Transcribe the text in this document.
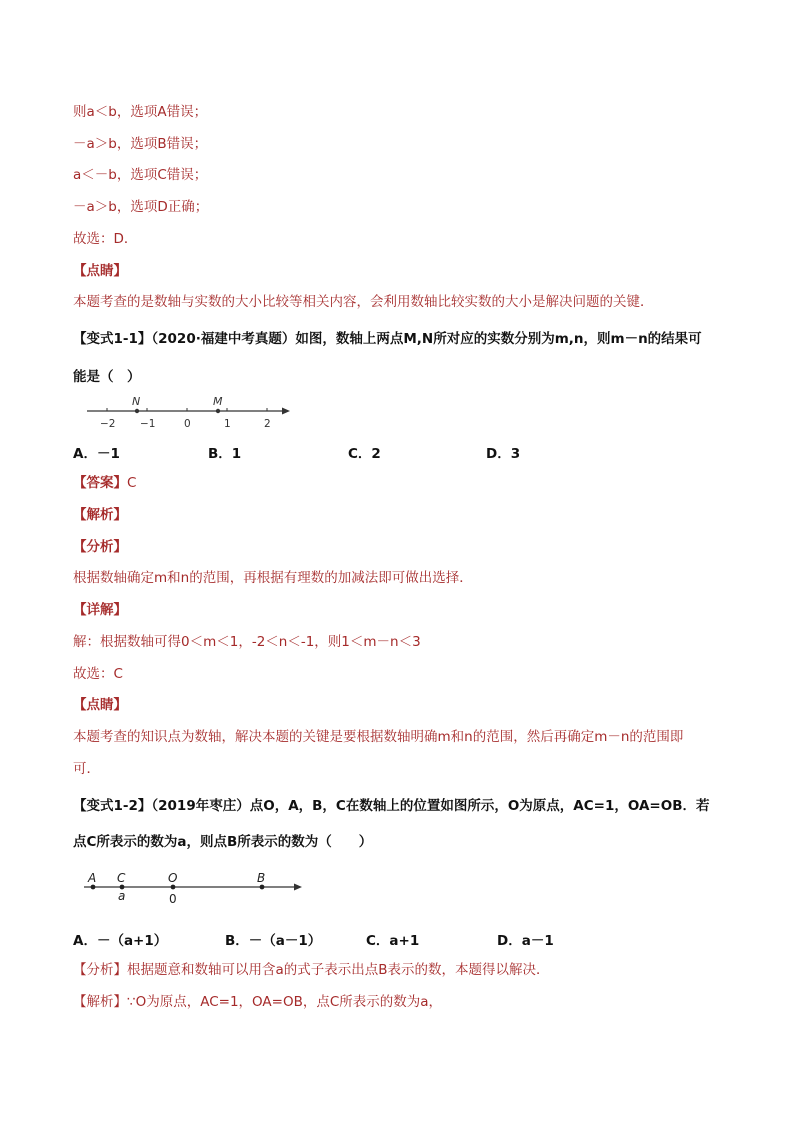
则a＜b，选项A错误；
－a＞b，选项B错误；
a＜－b，选项C错误；
－a＞b，选项D正确；
故选：D．
【点睛】
本题考查的是数轴与实数的大小比较等相关内容，会利用数轴比较实数的大小是解决问题的关键．
【变式1-1】（2020·福建中考真题）如图，数轴上两点M,N所对应的实数分别为m,n，则m－n的结果可
能是（　）
−2 −1	0	1	2
N	M
A．－1	B．1	C．2	D．3
【答案】C
【解析】
【分析】
根据数轴确定m和n的范围，再根据有理数的加减法即可做出选择．
【详解】
解：根据数轴可得0＜m＜1，-2＜n＜-1，则1＜m－n＜3
故选：C
【点睛】
本题考查的知识点为数轴，解决本题的关键是要根据数轴明确m和n的范围，然后再确定m－n的范围即
可．
【变式1-2】（2019年枣庄）点O，A，B，C在数轴上的位置如图所示，O为原点，AC=1，OA=OB．若
点C所表示的数为a，则点B所表示的数为（　　）
A C	O	B
a	0
A．－（a+1）	B．－（a－1）	C．a+1	D．a－1
【分析】根据题意和数轴可以用含a的式子表示出点B表示的数，本题得以解决．
【解析】∵O为原点，AC=1，OA=OB，点C所表示的数为a，
